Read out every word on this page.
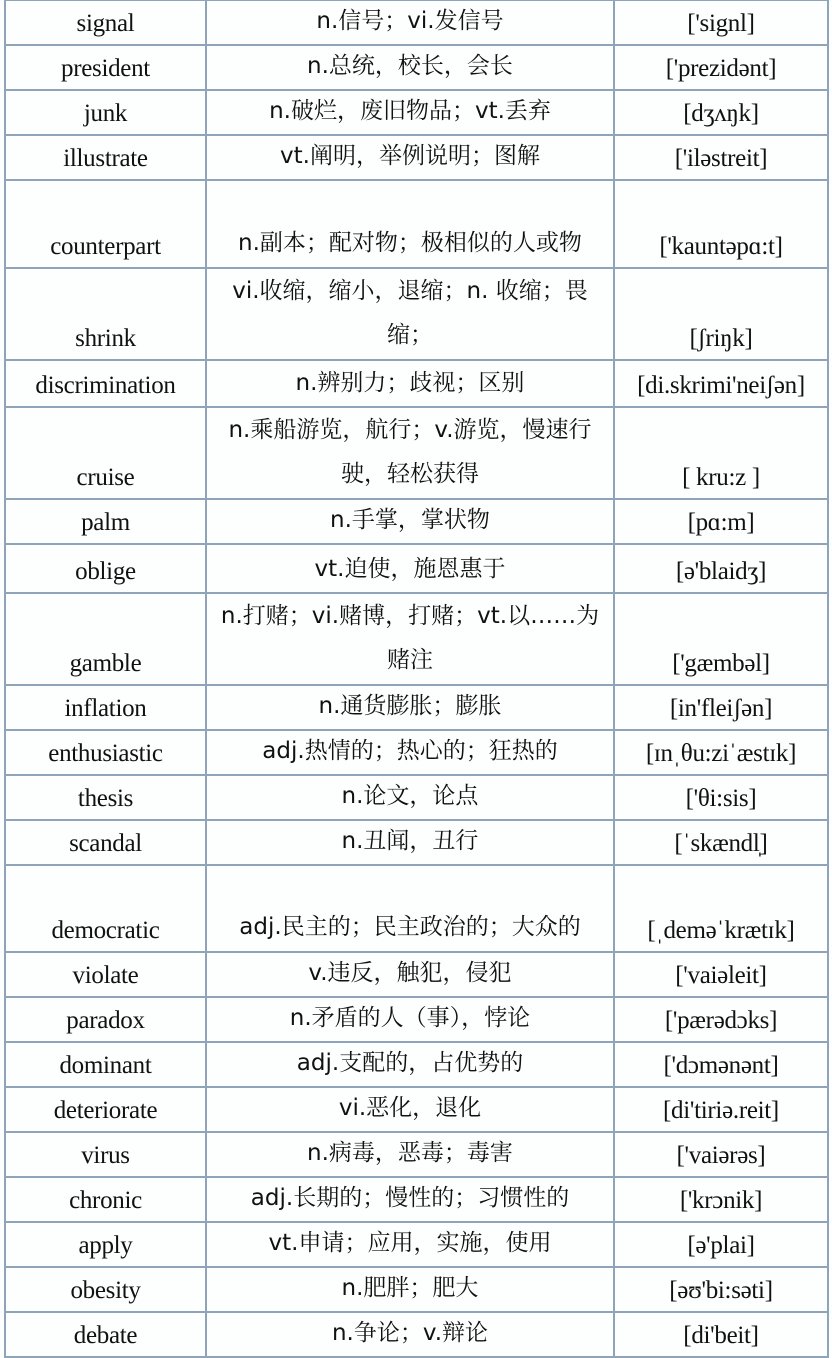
signal	n.信号；vi.发信号	['signl]
president	n.总统，校长，会长	['prezidənt]
junk	n.破烂，废旧物品；vt.丢弃	[dʒʌŋk]
illustrate	vt.阐明，举例说明；图解	['iləstreit]
counterpart	n.副本；配对物；极相似的人或物	['kauntəpɑ:t]
shrink	vi.收缩，缩小，退缩；n. 收缩；畏缩；	[ʃriŋk]
discrimination	n.辨别力；歧视；区别	[di.skrimi'neiʃən]
cruise	n.乘船游览，航行；v.游览，慢速行驶，轻松获得	[ kru:z ]
palm	n.手掌，掌状物	[pɑ:m]
oblige	vt.迫使，施恩惠于	[ə'blaidʒ]
gamble	n.打赌；vi.赌博，打赌；vt.以……为赌注	['gæmbəl]
inflation	n.通货膨胀；膨胀	[in'fleiʃən]
enthusiastic	adj.热情的；热心的；狂热的	[ɪnˌθu:ziˈæstɪk]
thesis	n.论文，论点	['θi:sis]
scandal	n.丑闻，丑行	[ˈskændl̩]
democratic	adj.民主的；民主政治的；大众的	[ˌdeməˈkrætɪk]
violate	v.违反，触犯，侵犯	['vaiəleit]
paradox	n.矛盾的人（事），悖论	['pærədɔks]
dominant	adj.支配的，占优势的	['dɔmənənt]
deteriorate	vi.恶化，退化	[di'tiriə.reit]
virus	n.病毒，恶毒；毒害	['vaiərəs]
chronic	adj.长期的；慢性的；习惯性的	['krɔnik]
apply	vt.申请；应用，实施，使用	[ə'plai]
obesity	n.肥胖；肥大	[əʊ'bi:səti]
debate	n.争论；v.辩论	[di'beit]
